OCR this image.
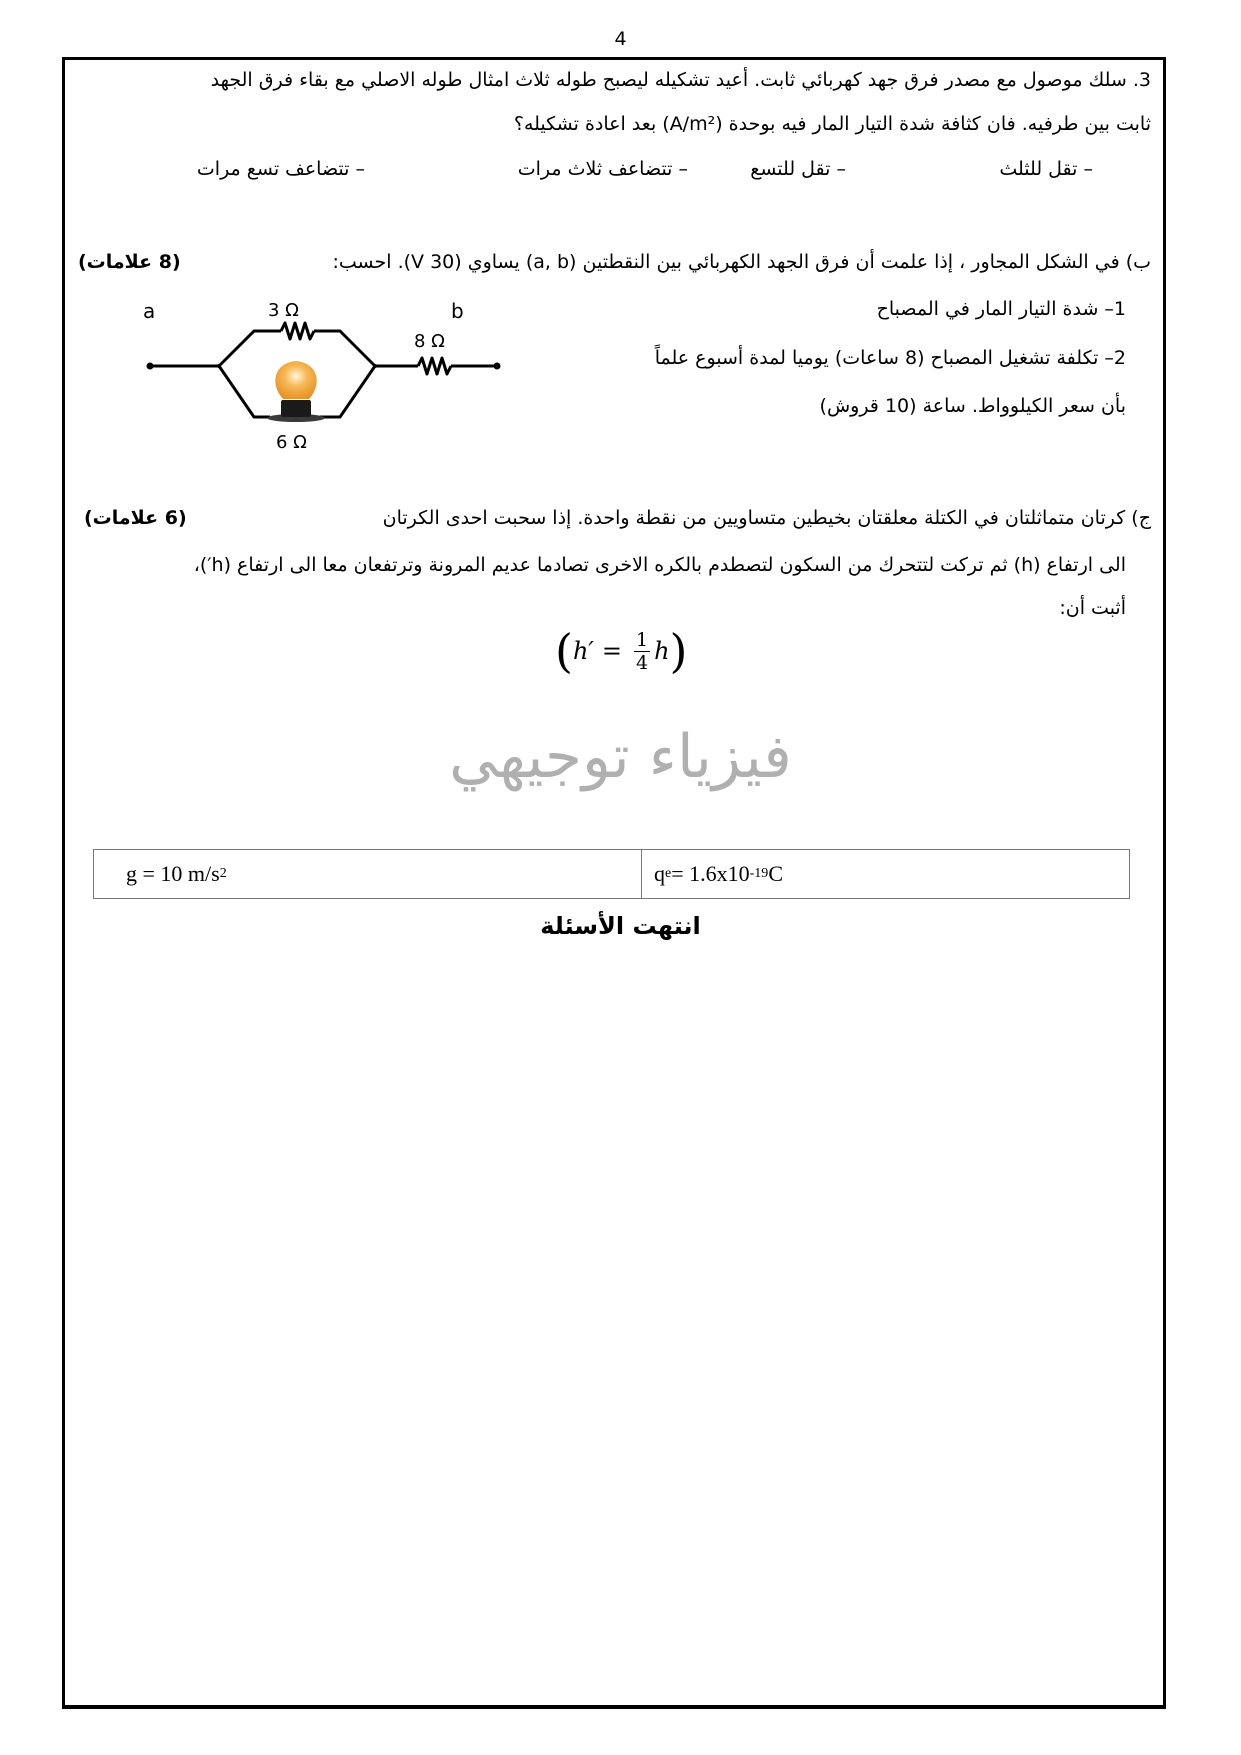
4
3. سلك موصول مع مصدر فرق جهد كهربائي ثابت. أعيد تشكيله ليصبح طوله ثلاث امثال طوله الاصلي مع بقاء فرق الجهد
ثابت بين طرفيه. فان كثافة شدة التيار المار فيه بوحدة (A/m²) بعد اعادة تشكيله؟
– تقل للثلث
– تقل للتسع
– تتضاعف ثلاث مرات
– تتضاعف تسع مرات
ب) في الشكل المجاور ، إذا علمت أن فرق الجهد الكهربائي بين النقطتين (a, b) يساوي (30 V). احسب:
(8 علامات)
1– شدة التيار المار في المصباح
2– تكلفة تشغيل المصباح (8 ساعات) يوميا لمدة أسبوع علماً
بأن سعر الكيلوواط. ساعة (10 قروش)
a	b
3 Ω
8 Ω
6 Ω
ج) كرتان متماثلتان في الكتلة معلقتان بخيطين متساويين من نقطة واحدة. إذا سحبت احدى الكرتان
(6 علامات)
الى ارتفاع (h) ثم تركت لتتحرك من السكون لتصطدم بالكره الاخرى تصادما عديم المرونة وترتفعان معا الى ارتفاع (h′)،
أثبت أن:
( $h' = \frac{1}{4}$ h )
فيزياء توجيهي
g = 10 m/s 2	q e = 1.6x10 -19 C
انتهت الأسئلة
